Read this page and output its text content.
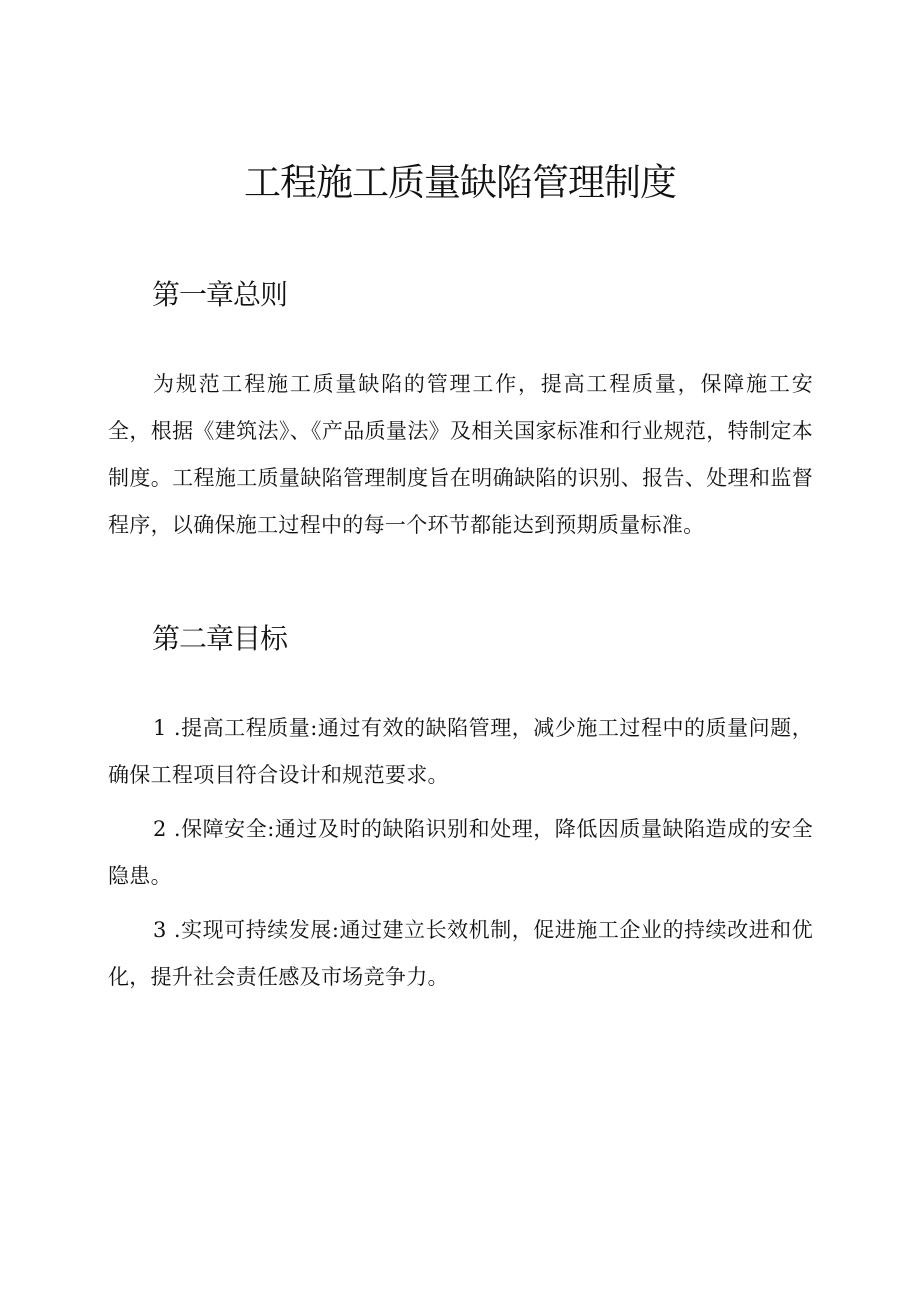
工程施工质量缺陷管理制度
第一章总则

为规范工程施工质量缺陷的管理工作，提高工程质量，保障施工安全，根据《建筑法》、《产品质量法》及相关国家标准和行业规范，特制定本制度。工程施工质量缺陷管理制度旨在明确缺陷的识别、报告、处理和监督程序，以确保施工过程中的每一个环节都能达到预期质量标准。

第二章目标

1 .提高工程质量:通过有效的缺陷管理，减少施工过程中的质量问题，确保工程项目符合设计和规范要求。

2 .保障安全:通过及时的缺陷识别和处理，降低因质量缺陷造成的安全隐患。

3 .实现可持续发展:通过建立长效机制，促进施工企业的持续改进和优化，提升社会责任感及市场竞争力。
